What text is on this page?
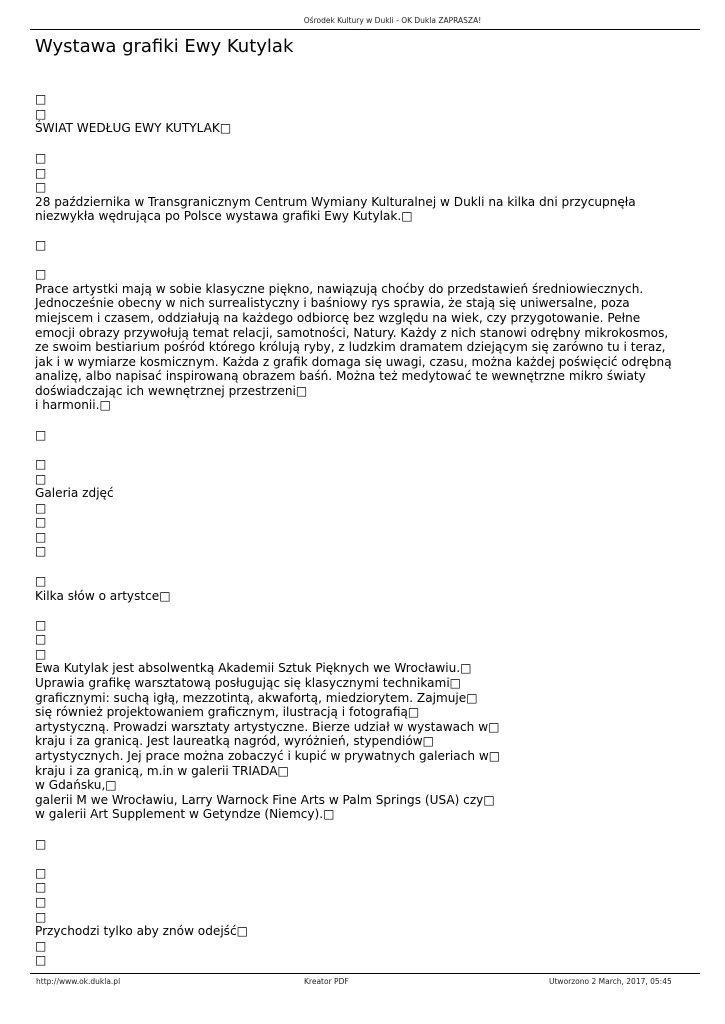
Ośrodek Kultury w Dukli - OK Dukla ZAPRASZA!
Wystawa grafiki Ewy Kutylak

□

□

ŚWIAT WEDŁUG EWY KUTYLAK□

□

□

□

28 października w Transgranicznym Centrum Wymiany Kulturalnej w Dukli na kilka dni przycupnęła

niezwykła wędrująca po Polsce wystawa grafiki Ewy Kutylak.□

□

□

Prace artystki mają w sobie klasyczne piękno, nawiązują choćby do przedstawień średniowiecznych.

Jednocześnie obecny w nich surrealistyczny i baśniowy rys sprawia, że stają się uniwersalne, poza

miejscem i czasem, oddziałują na każdego odbiorcę bez względu na wiek, czy przygotowanie. Pełne

emocji obrazy przywołują temat relacji, samotności, Natury. Każdy z nich stanowi odrębny mikrokosmos,

ze swoim bestiarium pośród którego królują ryby, z ludzkim dramatem dziejącym się zarówno tu i teraz,

jak i w wymiarze kosmicznym. Każda z grafik domaga się uwagi, czasu, można każdej poświęcić odrębną

analizę, albo napisać inspirowaną obrazem baśń. Można też medytować te wewnętrzne mikro światy

doświadczając ich wewnętrznej przestrzeni□

i harmonii.□

□

□

□

Galeria zdjęć

□

□

□

□

□

Kilka słów o artystce□

□

□

□

Ewa Kutylak jest absolwentką Akademii Sztuk Pięknych we Wrocławiu.□

Uprawia grafikę warsztatową posługując się klasycznymi technikami□

graficznymi: suchą igłą, mezzotintą, akwafortą, miedziorytem. Zajmuje□

się również projektowaniem graficznym, ilustracją i fotografią□

artystyczną. Prowadzi warsztaty artystyczne. Bierze udział w wystawach w□

kraju i za granicą. Jest laureatką nagród, wyróżnień, stypendiów□

artystycznych. Jej prace można zobaczyć i kupić w prywatnych galeriach w□

kraju i za granicą, m.in w galerii TRIADA□

w Gdańsku,□

galerii M we Wrocławiu, Larry Warnock Fine Arts w Palm Springs (USA) czy□

w galerii Art Supplement w Getyndze (Niemcy).□

□

□

□

□

□

Przychodzi tylko aby znów odejść□

□

□

http://www.ok.dukla.pl	Kreator PDF	Utworzono 2 March, 2017, 05:45
